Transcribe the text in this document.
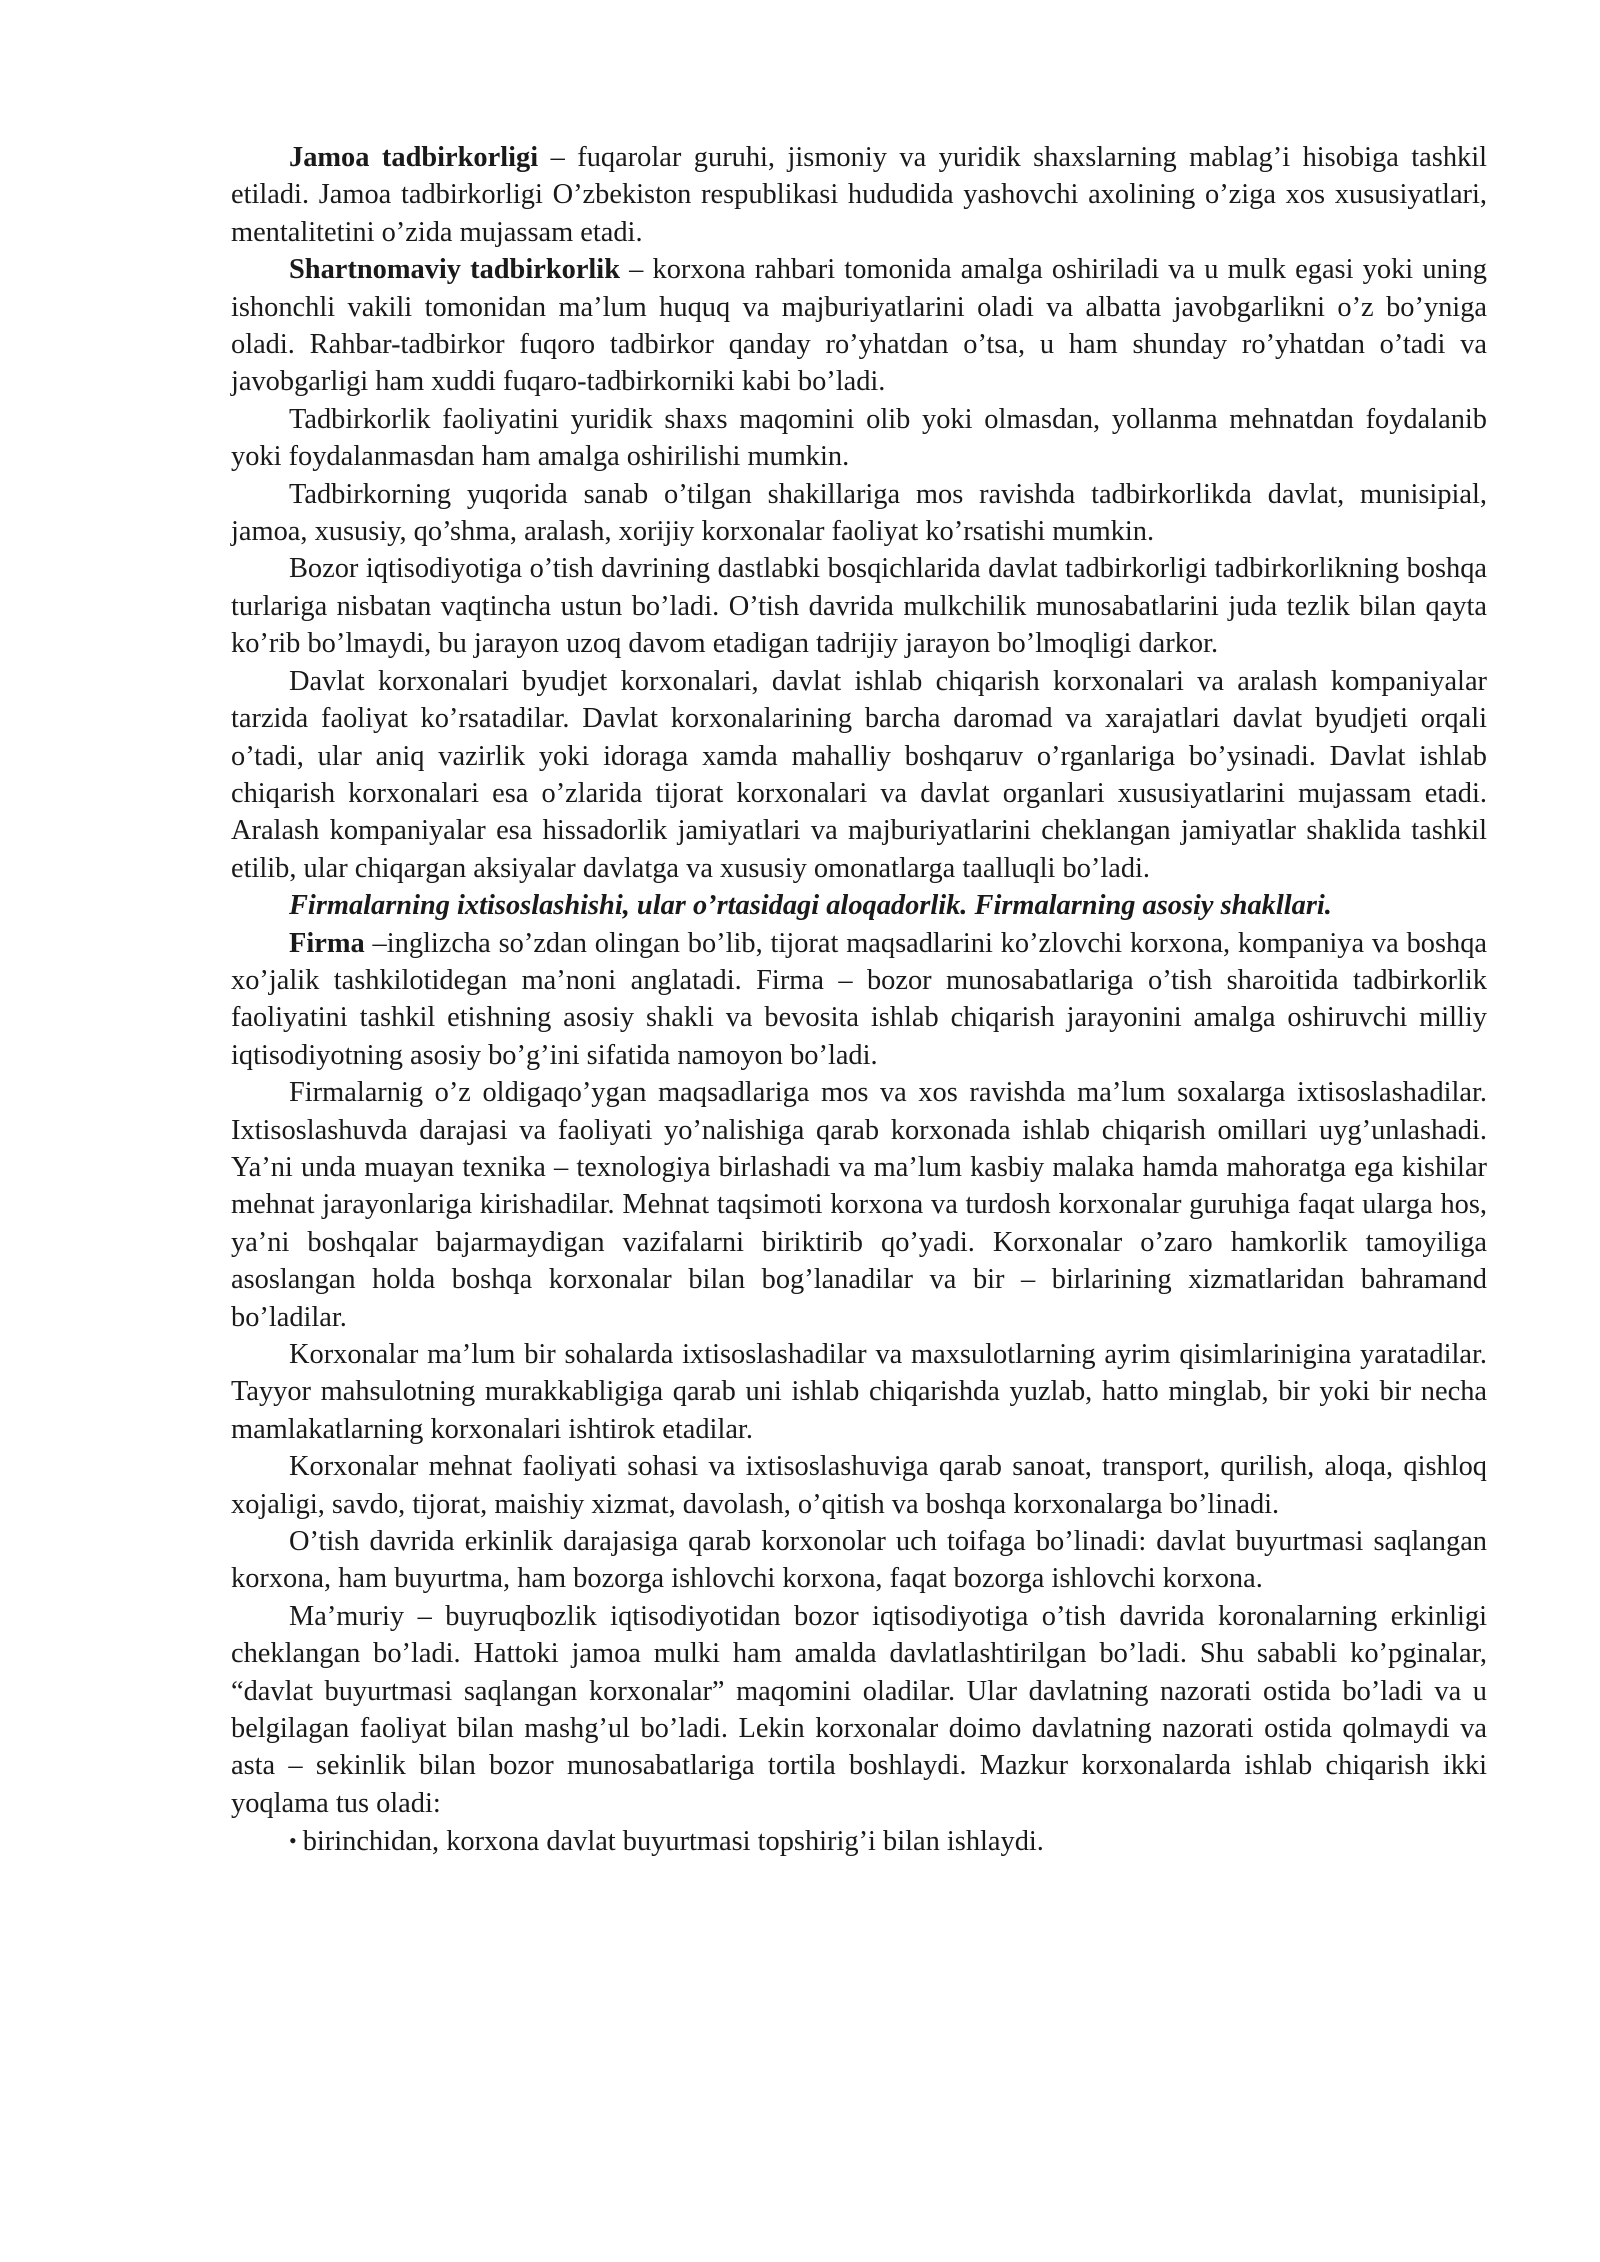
Jamoa tadbirkorligi – fuqarolar guruhi, jismoniy va yuridik shaxslarning mablag’i hisobiga tashkil etiladi. Jamoa tadbirkorligi O’zbekiston respublikasi hududida yashovchi axolining o’ziga xos xususiyatlari, mentalitetini o’zida mujassam etadi.

Shartnomaviy tadbirkorlik – korxona rahbari tomonida amalga oshiriladi va u mulk egasi yoki uning ishonchli vakili tomonidan ma’lum huquq va majburiyatlarini oladi va albatta javobgarlikni o’z bo’yniga oladi. Rahbar-tadbirkor fuqoro tadbirkor qanday ro’yhatdan o’tsa, u ham shunday ro’yhatdan o’tadi va javobgarligi ham xuddi fuqaro-tadbirkorniki kabi bo’ladi.

Tadbirkorlik faoliyatini yuridik shaxs maqomini olib yoki olmasdan, yollanma mehnatdan foydalanib yoki foydalanmasdan ham amalga oshirilishi mumkin.

Tadbirkorning yuqorida sanab o’tilgan shakillariga mos ravishda tadbirkorlikda davlat, munisipial, jamoa, xususiy, qo’shma, aralash, xorijiy korxonalar faoliyat ko’rsatishi mumkin.

Bozor iqtisodiyotiga o’tish davrining dastlabki bosqichlarida davlat tadbirkorligi tadbirkorlikning boshqa turlariga nisbatan vaqtincha ustun bo’ladi. O’tish davrida mulkchilik munosabatlarini juda tezlik bilan qayta ko’rib bo’lmaydi, bu jarayon uzoq davom etadigan tadrijiy jarayon bo’lmoqligi darkor.

Davlat korxonalari byudjet korxonalari, davlat ishlab chiqarish korxonalari va aralash kompaniyalar tarzida faoliyat ko’rsatadilar. Davlat korxonalarining barcha daromad va xarajatlari davlat byudjeti orqali o’tadi, ular aniq vazirlik yoki idoraga xamda mahalliy boshqaruv o’rganlariga bo’ysinadi. Davlat ishlab chiqarish korxonalari esa o’zlarida tijorat korxonalari va davlat organlari xususiyatlarini mujassam etadi. Aralash kompaniyalar esa hissadorlik jamiyatlari va majburiyatlarini cheklangan jamiyatlar shaklida tashkil etilib, ular chiqargan aksiyalar davlatga va xususiy omonatlarga taalluqli bo’ladi.

Firmalarning ixtisoslashishi, ular o’rtasidagi aloqadorlik. Firmalarning asosiy shakllari.

Firma –inglizcha so’zdan olingan bo’lib, tijorat maqsadlarini ko’zlovchi korxona, kompaniya va boshqa xo’jalik tashkilotidegan ma’noni anglatadi. Firma – bozor munosabatlariga o’tish sharoitida tadbirkorlik faoliyatini tashkil etishning asosiy shakli va bevosita ishlab chiqarish jarayonini amalga oshiruvchi milliy iqtisodiyotning asosiy bo’g’ini sifatida namoyon bo’ladi.

Firmalarnig o’z oldigaqo’ygan maqsadlariga mos va xos ravishda ma’lum soxalarga ixtisoslashadilar. Ixtisoslashuvda darajasi va faoliyati yo’nalishiga qarab korxonada ishlab chiqarish omillari uyg’unlashadi. Ya’ni unda muayan texnika – texnologiya birlashadi va ma’lum kasbiy malaka hamda mahoratga ega kishilar mehnat jarayonlariga kirishadilar. Mehnat taqsimoti korxona va turdosh korxonalar guruhiga faqat ularga hos, ya’ni boshqalar bajarmaydigan vazifalarni biriktirib qo’yadi. Korxonalar o’zaro hamkorlik tamoyiliga asoslangan holda boshqa korxonalar bilan bog’lanadilar va bir – birlarining xizmatlaridan bahramand bo’ladilar.

Korxonalar ma’lum bir sohalarda ixtisoslashadilar va maxsulotlarning ayrim qisimlarinigina yaratadilar. Tayyor mahsulotning murakkabligiga qarab uni ishlab chiqarishda yuzlab, hatto minglab, bir yoki bir necha mamlakatlarning korxonalari ishtirok etadilar.

Korxonalar mehnat faoliyati sohasi va ixtisoslashuviga qarab sanoat, transport, qurilish, aloqa, qishloq xojaligi, savdo, tijorat, maishiy xizmat, davolash, o’qitish va boshqa korxonalarga bo’linadi.

O’tish davrida erkinlik darajasiga qarab korxonolar uch toifaga bo’linadi: davlat buyurtmasi saqlangan korxona, ham buyurtma, ham bozorga ishlovchi korxona, faqat bozorga ishlovchi korxona.

Ma’muriy – buyruqbozlik iqtisodiyotidan bozor iqtisodiyotiga o’tish davrida koronalarning erkinligi cheklangan bo’ladi. Hattoki jamoa mulki ham amalda davlatlashtirilgan bo’ladi. Shu sababli ko’pginalar, “davlat buyurtmasi saqlangan korxonalar” maqomini oladilar. Ular davlatning nazorati ostida bo’ladi va u belgilagan faoliyat bilan mashg’ul bo’ladi. Lekin korxonalar doimo davlatning nazorati ostida qolmaydi va asta – sekinlik bilan bozor munosabatlariga tortila boshlaydi. Mazkur korxonalarda ishlab chiqarish ikki yoqlama tus oladi:

• birinchidan, korxona davlat buyurtmasi topshirig’i bilan ishlaydi.
